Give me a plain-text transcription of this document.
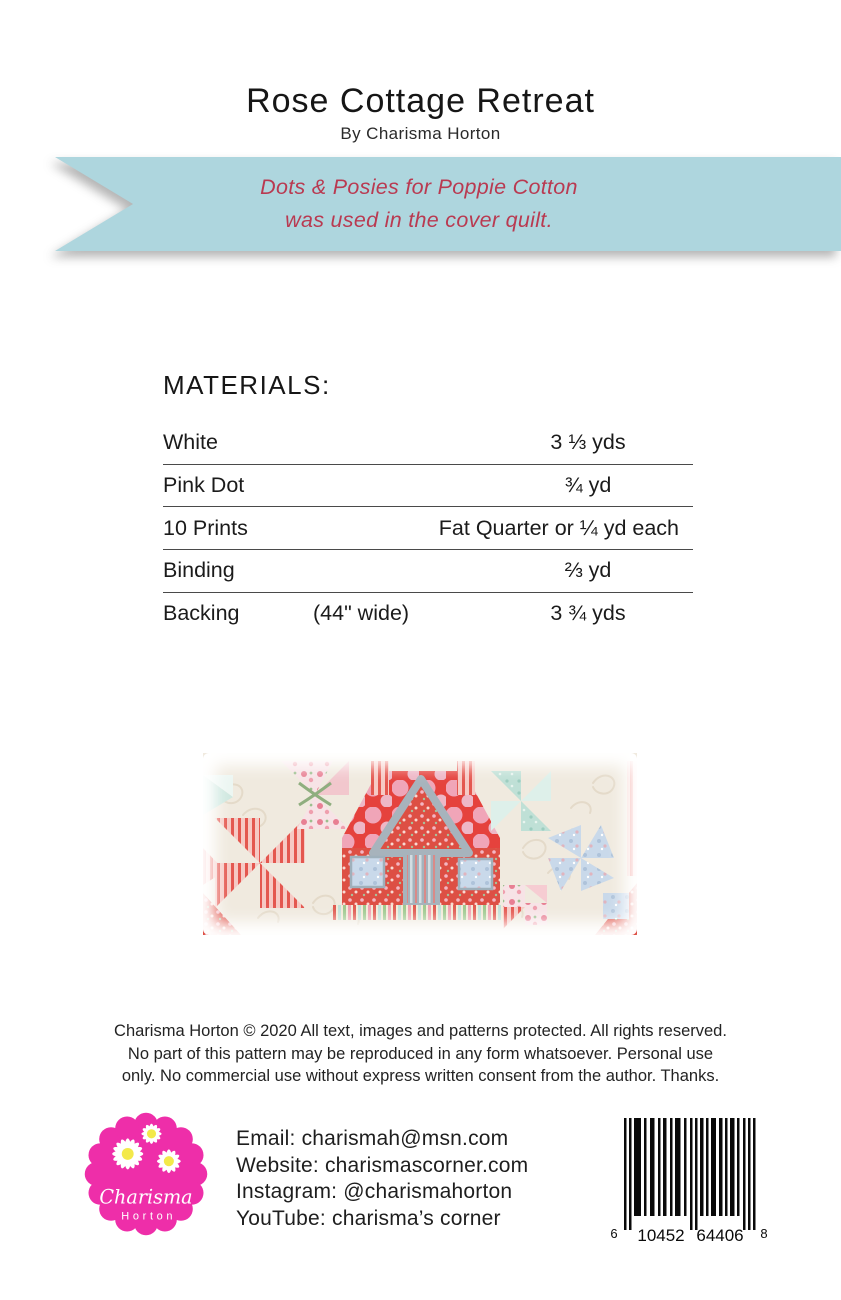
Rose Cottage Retreat
By Charisma Horton
Dots & Posies for Poppie Cotton
was used in the cover quilt.
MATERIALS:
White	3 ⅓ yds
Pink Dot	¾ yd
10 Prints	Fat Quarter or ¼ yd each
Binding	⅔ yd
Backing	(44" wide)	3 ¾ yds
Charisma Horton © 2020 All text, images and patterns protected. All rights reserved.
No part of this pattern may be reproduced in any form whatsoever. Personal use
only. No commercial use without express written consent from the author. Thanks.
Charisma
Horton
Email: charismah@msn.com
Website: charismascorner.com
Instagram: @charismahorton
YouTube: charisma’s corner
6 10452 64406 8
